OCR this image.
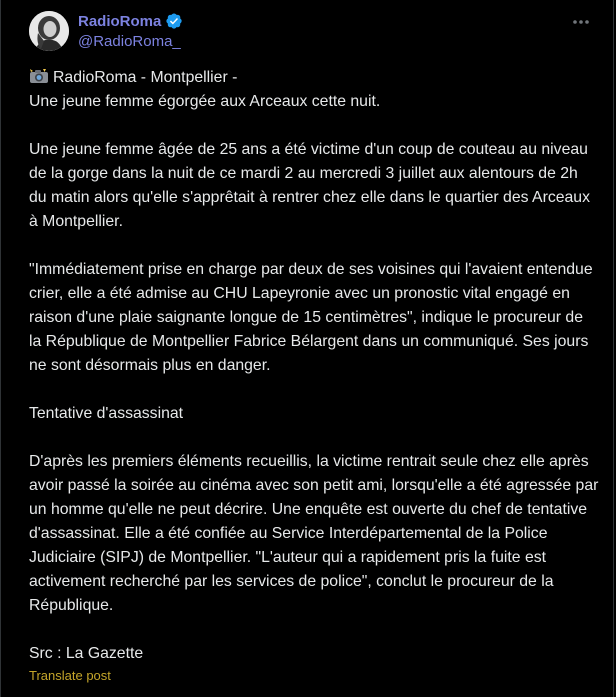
RadioRoma
@RadioRoma_

RadioRoma - Montpellier -

Une jeune femme égorgée aux Arceaux cette nuit.

Une jeune femme âgée de 25 ans a été victime d'un coup de couteau au niveau de la gorge dans la nuit de ce mardi 2 au mercredi 3 juillet aux alentours de 2h du matin alors qu'elle s'apprêtait à rentrer chez elle dans le quartier des Arceaux à Montpellier.

"Immédiatement prise en charge par deux de ses voisines qui l'avaient entendue crier, elle a été admise au CHU Lapeyronie avec un pronostic vital engagé en raison d'une plaie saignante longue de 15 centimètres", indique le procureur de la République de Montpellier Fabrice Bélargent dans un communiqué. Ses jours ne sont désormais plus en danger.

Tentative d'assassinat

D'après les premiers éléments recueillis, la victime rentrait seule chez elle après avoir passé la soirée au cinéma avec son petit ami, lorsqu'elle a été agressée par un homme qu'elle ne peut décrire. Une enquête est ouverte du chef de tentative d'assassinat. Elle a été confiée au Service Interdépartemental de la Police Judiciaire (SIPJ) de Montpellier. "L'auteur qui a rapidement pris la fuite est activement recherché par les services de police", conclut le procureur de la République.

Src : La Gazette

Translate post
